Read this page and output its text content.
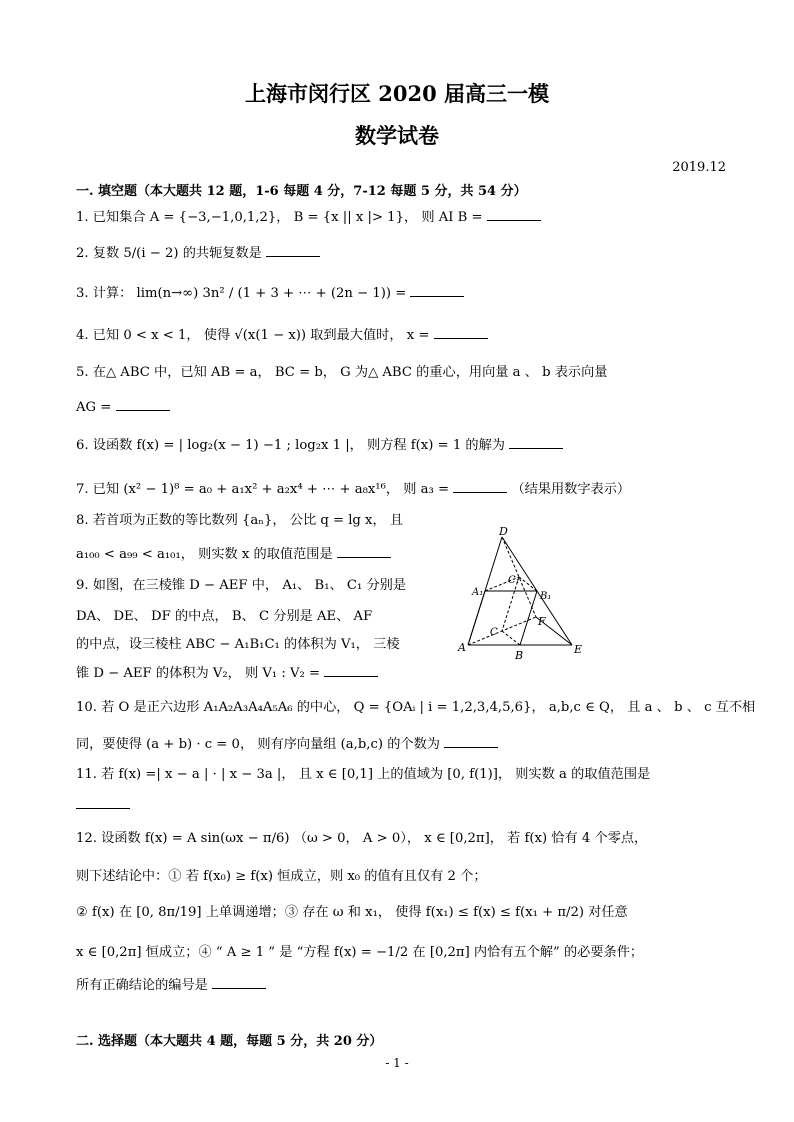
上海市闵行区 2020 届高三一模
数学试卷
2019.12
一. 填空题（本大题共 12 题，1-6 每题 4 分，7-12 每题 5 分，共 54 分）
1. 已知集合 A = {−3,−1,0,1,2}， B = {x || x |> 1}， 则 AI B =
2. 复数 5/(i − 2) 的共轭复数是
3. 计算： lim(n→∞) 3n² / (1 + 3 + ⋯ + (2n − 1)) =
4. 已知 0 < x < 1， 使得 √(x(1 − x)) 取到最大值时， x =
5. 在△ ABC 中，已知 AB = a， BC = b， G 为△ ABC 的重心，用向量 a 、 b 表示向量
AG =
6. 设函数 f(x) = | log₂(x − 1) −1 ; log₂x 1 |， 则方程 f(x) = 1 的解为
7. 已知 (x² − 1)⁸ = a₀ + a₁x² + a₂x⁴ + ⋯ + a₈x¹⁶， 则 a₃ =	（结果用数字表示）
8. 若首项为正数的等比数列 {aₙ}， 公比 q = lg x， 且
a₁₀₀ < a₉₉ < a₁₀₁， 则实数 x 的取值范围是
9. 如图，在三棱锥 D − AEF 中， A₁、 B₁、 C₁ 分别是
DA、 DE、 DF 的中点， B、 C 分别是 AE、 AF
的中点，设三棱柱 ABC − A₁B₁C₁ 的体积为 V₁， 三棱
锥 D − AEF 的体积为 V₂， 则 V₁ : V₂ =
D
C₁
A₁	B₁
F
C
A
B	E
10. 若 O 是正六边形 A₁A₂A₃A₄A₅A₆ 的中心， Q = {OAᵢ | i = 1,2,3,4,5,6}， a,b,c ∈ Q， 且 a 、 b 、 c 互不相
同，要使得 (a + b) · c = 0， 则有序向量组 (a,b,c) 的个数为
11. 若 f(x) =| x − a | · | x − 3a |， 且 x ∈ [0,1] 上的值域为 [0, f(1)]， 则实数 a 的取值范围是
12. 设函数 f(x) = A sin(ωx − π/6) （ω > 0， A > 0）， x ∈ [0,2π]， 若 f(x) 恰有 4 个零点，
则下述结论中：① 若 f(x₀) ≥ f(x) 恒成立，则 x₀ 的值有且仅有 2 个；
② f(x) 在 [0, 8π/19] 上单调递增；③ 存在 ω 和 x₁， 使得 f(x₁) ≤ f(x) ≤ f(x₁ + π/2) 对任意
x ∈ [0,2π] 恒成立；④ “ A ≥ 1 ” 是 “方程 f(x) = −1/2 在 [0,2π] 内恰有五个解” 的必要条件；
所有正确结论的编号是
二. 选择题（本大题共 4 题，每题 5 分，共 20 分）
- 1 -
